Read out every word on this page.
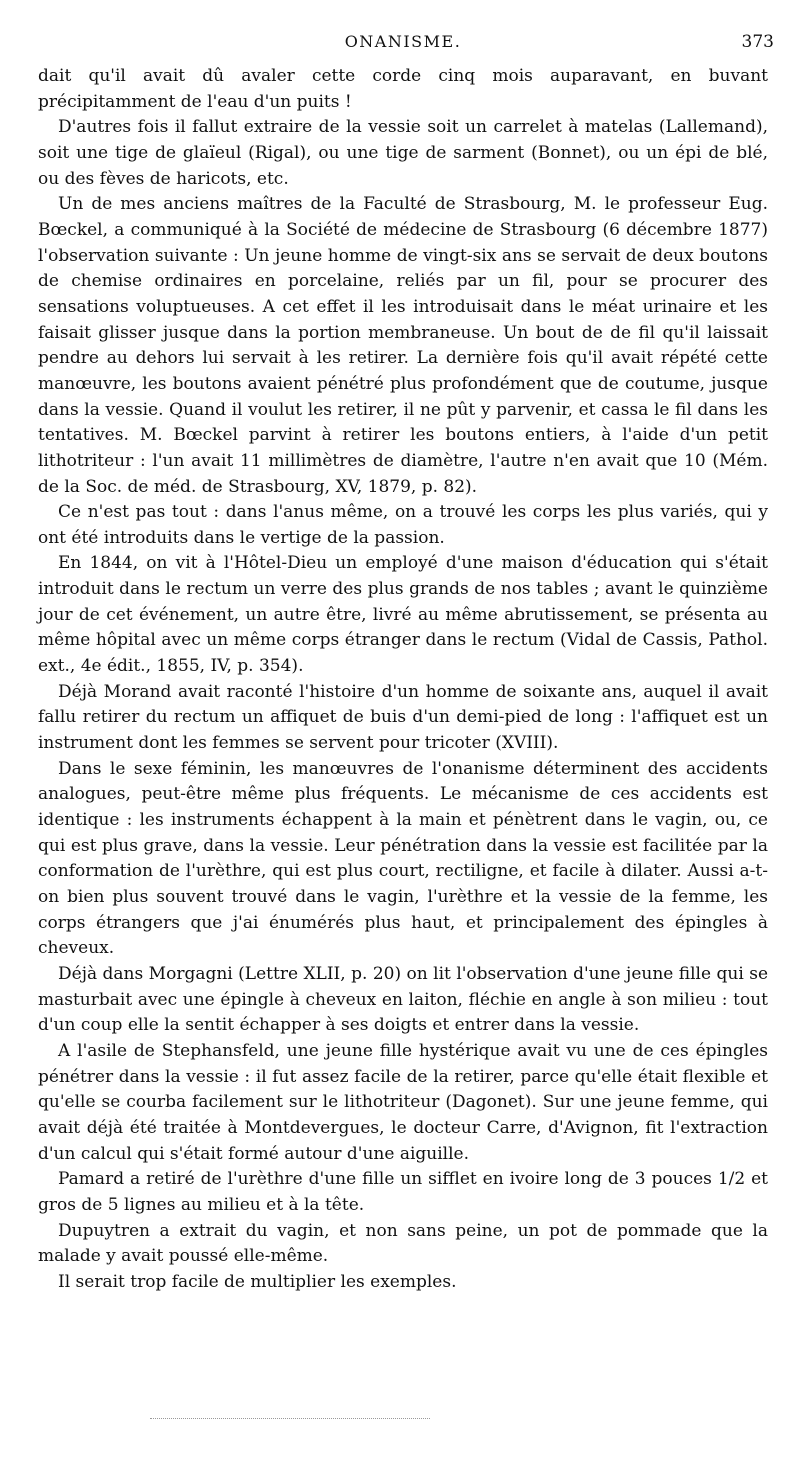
ONANISME.	373

dait qu'il avait dû avaler cette corde cinq mois auparavant, en buvant précipitamment de l'eau d'un puits !

D'autres fois il fallut extraire de la vessie soit un carrelet à matelas (Lallemand), soit une tige de glaïeul (Rigal), ou une tige de sarment (Bonnet), ou un épi de blé, ou des fèves de haricots, etc.

Un de mes anciens maîtres de la Faculté de Strasbourg, M. le professeur Eug. Bœckel, a communiqué à la Société de médecine de Strasbourg (6 décembre 1877) l'observation suivante : Un jeune homme de vingt-six ans se servait de deux boutons de chemise ordinaires en porcelaine, reliés par un fil, pour se procurer des sensations voluptueuses. A cet effet il les introduisait dans le méat urinaire et les faisait glisser jusque dans la portion membraneuse. Un bout de de fil qu'il laissait pendre au dehors lui servait à les retirer. La dernière fois qu'il avait répété cette manœuvre, les boutons avaient pénétré plus profondément que de coutume, jusque dans la vessie. Quand il voulut les retirer, il ne pût y parvenir, et cassa le fil dans les tentatives. M. Bœckel parvint à retirer les boutons entiers, à l'aide d'un petit lithotriteur : l'un avait 11 millimètres de diamètre, l'autre n'en avait que 10 (Mém. de la Soc. de méd. de Strasbourg, XV, 1879, p. 82).

Ce n'est pas tout : dans l'anus même, on a trouvé les corps les plus variés, qui y ont été introduits dans le vertige de la passion.

En 1844, on vit à l'Hôtel-Dieu un employé d'une maison d'éducation qui s'était introduit dans le rectum un verre des plus grands de nos tables ; avant le quinzième jour de cet événement, un autre être, livré au même abrutissement, se présenta au même hôpital avec un même corps étranger dans le rectum (Vidal de Cassis, Pathol. ext., 4e édit., 1855, IV, p. 354).

Déjà Morand avait raconté l'histoire d'un homme de soixante ans, auquel il avait fallu retirer du rectum un affiquet de buis d'un demi-pied de long : l'affiquet est un instrument dont les femmes se servent pour tricoter (XVIII).

Dans le sexe féminin, les manœuvres de l'onanisme déterminent des accidents analogues, peut-être même plus fréquents. Le mécanisme de ces accidents est identique : les instruments échappent à la main et pénètrent dans le vagin, ou, ce qui est plus grave, dans la vessie. Leur pénétration dans la vessie est facilitée par la conformation de l'urèthre, qui est plus court, rectiligne, et facile à dilater. Aussi a-t-on bien plus souvent trouvé dans le vagin, l'urèthre et la vessie de la femme, les corps étrangers que j'ai énumérés plus haut, et principalement des épingles à cheveux.

Déjà dans Morgagni (Lettre XLII, p. 20) on lit l'observation d'une jeune fille qui se masturbait avec une épingle à cheveux en laiton, fléchie en angle à son milieu : tout d'un coup elle la sentit échapper à ses doigts et entrer dans la vessie.

A l'asile de Stephansfeld, une jeune fille hystérique avait vu une de ces épingles pénétrer dans la vessie : il fut assez facile de la retirer, parce qu'elle était flexible et qu'elle se courba facilement sur le lithotriteur (Dagonet). Sur une jeune femme, qui avait déjà été traitée à Montdevergues, le docteur Carre, d'Avignon, fit l'extraction d'un calcul qui s'était formé autour d'une aiguille.

Pamard a retiré de l'urèthre d'une fille un sifflet en ivoire long de 3 pouces 1/2 et gros de 5 lignes au milieu et à la tête.

Dupuytren a extrait du vagin, et non sans peine, un pot de pommade que la malade y avait poussé elle-même.

Il serait trop facile de multiplier les exemples.
